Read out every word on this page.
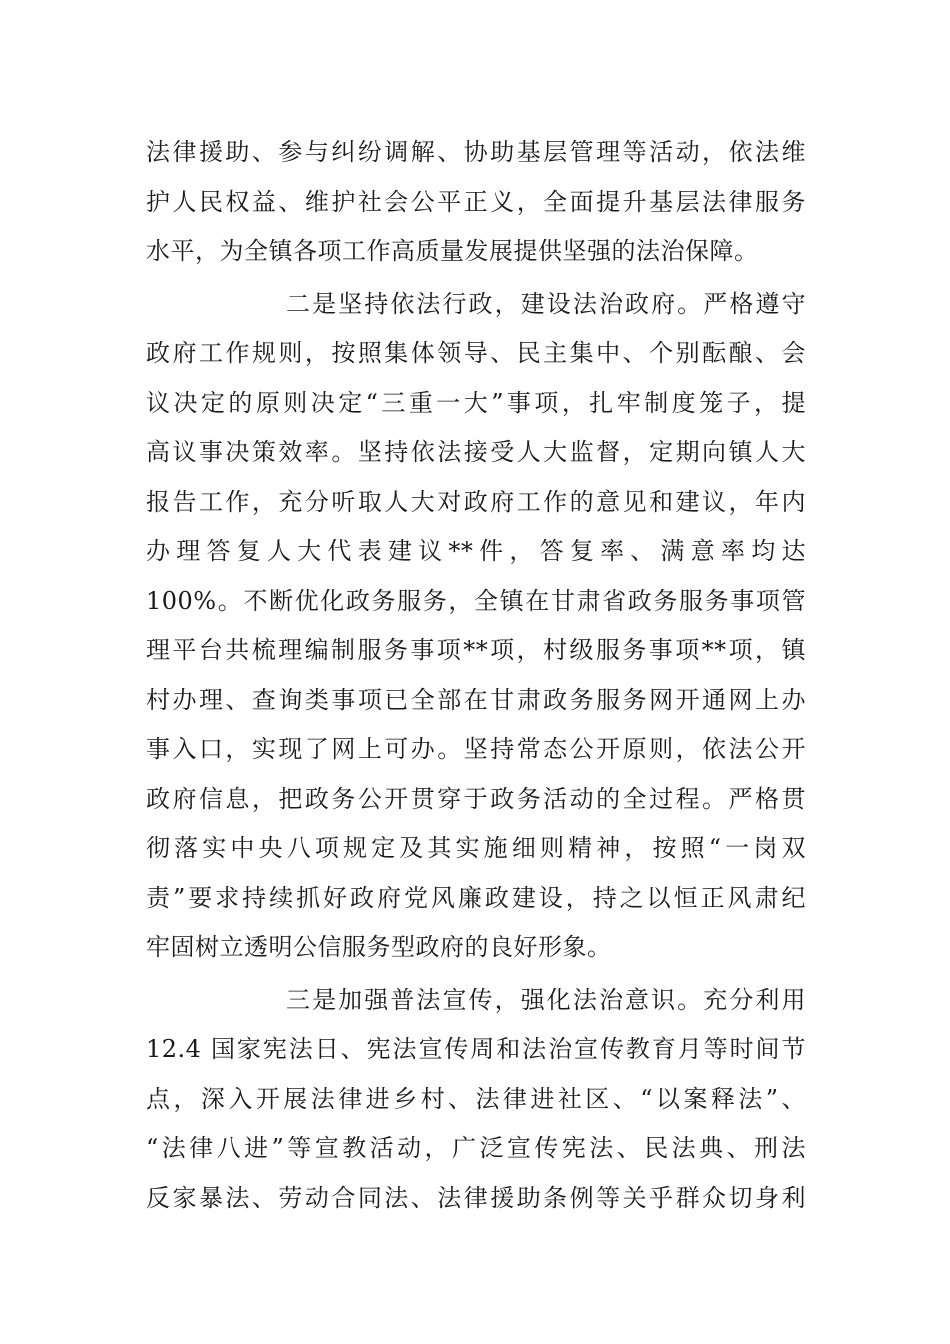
法律援助、参与纠纷调解、协助基层管理等活动，依法维
护人民权益、维护社会公平正义，全面提升基层法律服务
水平，为全镇各项工作高质量发展提供坚强的法治保障。
二是坚持依法行政，建设法治政府。严格遵守
政府工作规则，按照集体领导、民主集中、个别酝酿、会
议决定的原则决定“三重一大”事项，扎牢制度笼子，提
高议事决策效率。坚持依法接受人大监督，定期向镇人大
报告工作，充分听取人大对政府工作的意见和建议，年内
办理答复人大代表建议**件，答复率、满意率均达
100%。不断优化政务服务，全镇在甘肃省政务服务事项管
理平台共梳理编制服务事项**项，村级服务事项**项，镇
村办理、查询类事项已全部在甘肃政务服务网开通网上办
事入口，实现了网上可办。坚持常态公开原则，依法公开
政府信息，把政务公开贯穿于政务活动的全过程。严格贯
彻落实中央八项规定及其实施细则精神，按照“一岗双
责”要求持续抓好政府党风廉政建设，持之以恒正风肃纪
牢固树立透明公信服务型政府的良好形象。
三是加强普法宣传，强化法治意识。充分利用
12.4 国家宪法日、宪法宣传周和法治宣传教育月等时间节
点，深入开展法律进乡村、法律进社区、“以案释法”、
“法律八进”等宣教活动，广泛宣传宪法、民法典、刑法
反家暴法、劳动合同法、法律援助条例等关乎群众切身利
